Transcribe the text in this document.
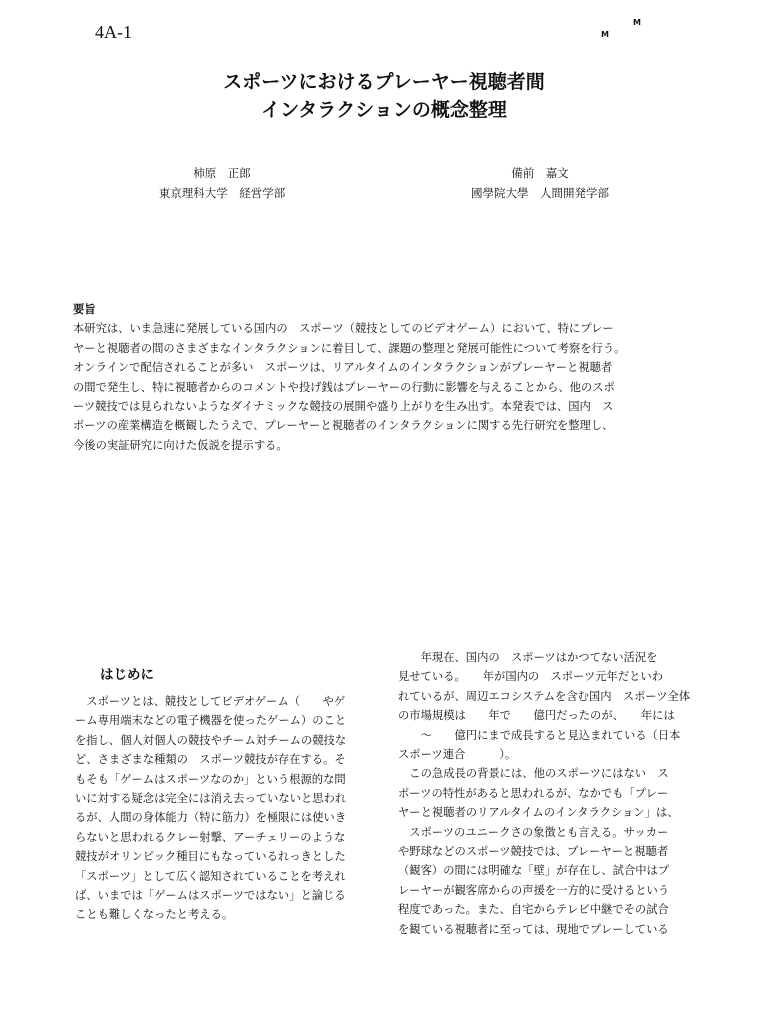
4A-1	M
M
スポーツにおけるプレーヤー視聴者間
インタラクションの概念整理
柿原　正郎
東京理科大学　経営学部
備前　嘉文
國學院大學　人間開発学部
要旨
本研究は、いま急速に発展している国内の　スポーツ（競技としてのビデオゲーム）において、特にプレー
ヤーと視聴者の間のさまざまなインタラクションに着目して、課題の整理と発展可能性について考察を行う。
オンラインで配信されることが多い　スポーツは、リアルタイムのインタラクションがプレーヤーと視聴者
の間で発生し、特に視聴者からのコメントや投げ銭はプレーヤーの行動に影響を与えることから、他のスポ
ーツ競技では見られないようなダイナミックな競技の展開や盛り上がりを生み出す。本発表では、国内　ス
ポーツの産業構造を概観したうえで、プレーヤーと視聴者のインタラクションに関する先行研究を整理し、
今後の実証研究に向けた仮説を提示する。
はじめに

　スポーツとは、競技としてビデオゲーム（　　やゲ

ーム専用端末などの電子機器を使ったゲーム）のこと

を指し、個人対個人の競技やチーム対チームの競技な

ど、さまざまな種類の　スポーツ競技が存在する。そ

もそも「ゲームはスポーツなのか」という根源的な問

いに対する疑念は完全には消え去っていないと思われ

るが、人間の身体能力（特に筋力）を極限には使いき

らないと思われるクレー射撃、アーチェリーのような

競技がオリンピック種目にもなっているれっきとした

「スポーツ」として広く認知されていることを考えれ

ば、いまでは「ゲームはスポーツではない」と論じる

ことも難しくなったと考える。

　　年現在、国内の　スポーツはかつてない活況を

見せている。　　年が国内の　スポーツ元年だといわ

れているが、周辺エコシステムを含む国内　スポーツ全体

の市場規模は　　年で　　億円だったのが、　　年には

　　～　　億円にまで成長すると見込まれている（日本

スポーツ連合　　　）。

　この急成長の背景には、他のスポーツにはない　ス

ポーツの特性があると思われるが、なかでも「プレー

ヤーと視聴者のリアルタイムのインタラクション」は、

　スポーツのユニークさの象徴とも言える。サッカー

や野球などのスポーツ競技では、プレーヤーと視聴者

（観客）の間には明確な「壁」が存在し、試合中はプ

レーヤーが観客席からの声援を一方的に受けるという

程度であった。また、自宅からテレビ中継でその試合

を観ている視聴者に至っては、現地でプレーしている
